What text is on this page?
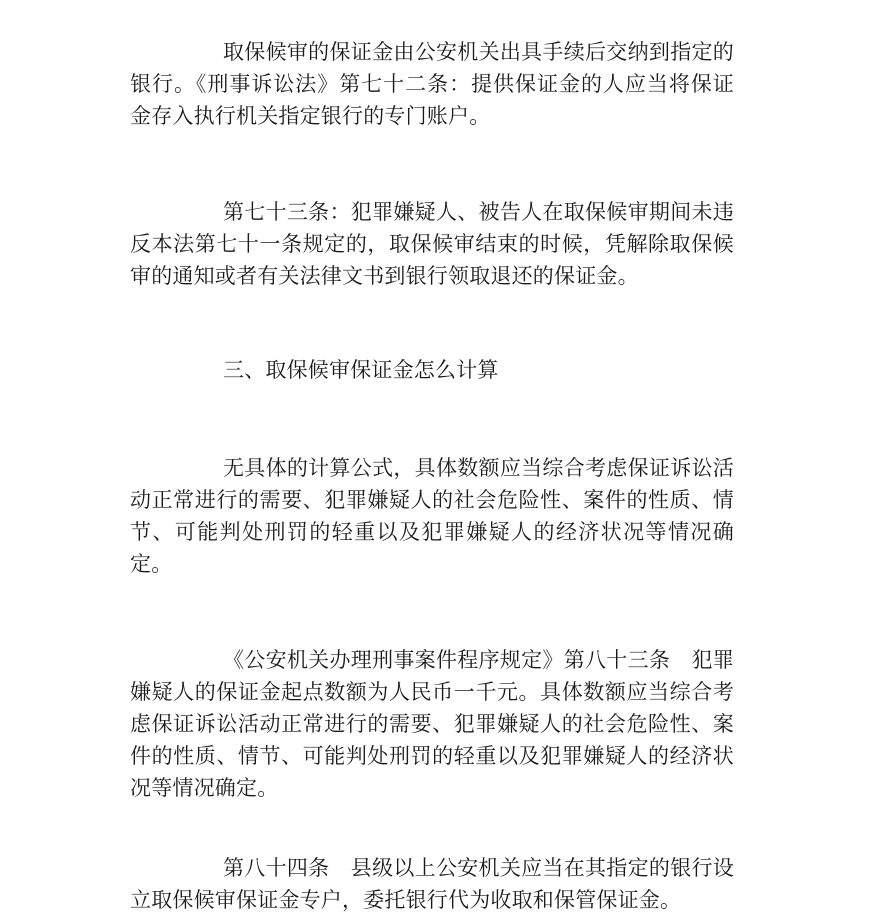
取保候审的保证金由公安机关出具手续后交纳到指定的银行。《刑事诉讼法》第七十二条：提供保证金的人应当将保证金存入执行机关指定银行的专门账户。

第七十三条：犯罪嫌疑人、被告人在取保候审期间未违反本法第七十一条规定的，取保候审结束的时候，凭解除取保候审的通知或者有关法律文书到银行领取退还的保证金。

三、取保候审保证金怎么计算

无具体的计算公式，具体数额应当综合考虑保证诉讼活动正常进行的需要、犯罪嫌疑人的社会危险性、案件的性质、情节、可能判处刑罚的轻重以及犯罪嫌疑人的经济状况等情况确定。

《公安机关办理刑事案件程序规定》第八十三条　犯罪嫌疑人的保证金起点数额为人民币一千元。具体数额应当综合考虑保证诉讼活动正常进行的需要、犯罪嫌疑人的社会危险性、案件的性质、情节、可能判处刑罚的轻重以及犯罪嫌疑人的经济状况等情况确定。

第八十四条　县级以上公安机关应当在其指定的银行设立取保候审保证金专户，委托银行代为收取和保管保证金。
